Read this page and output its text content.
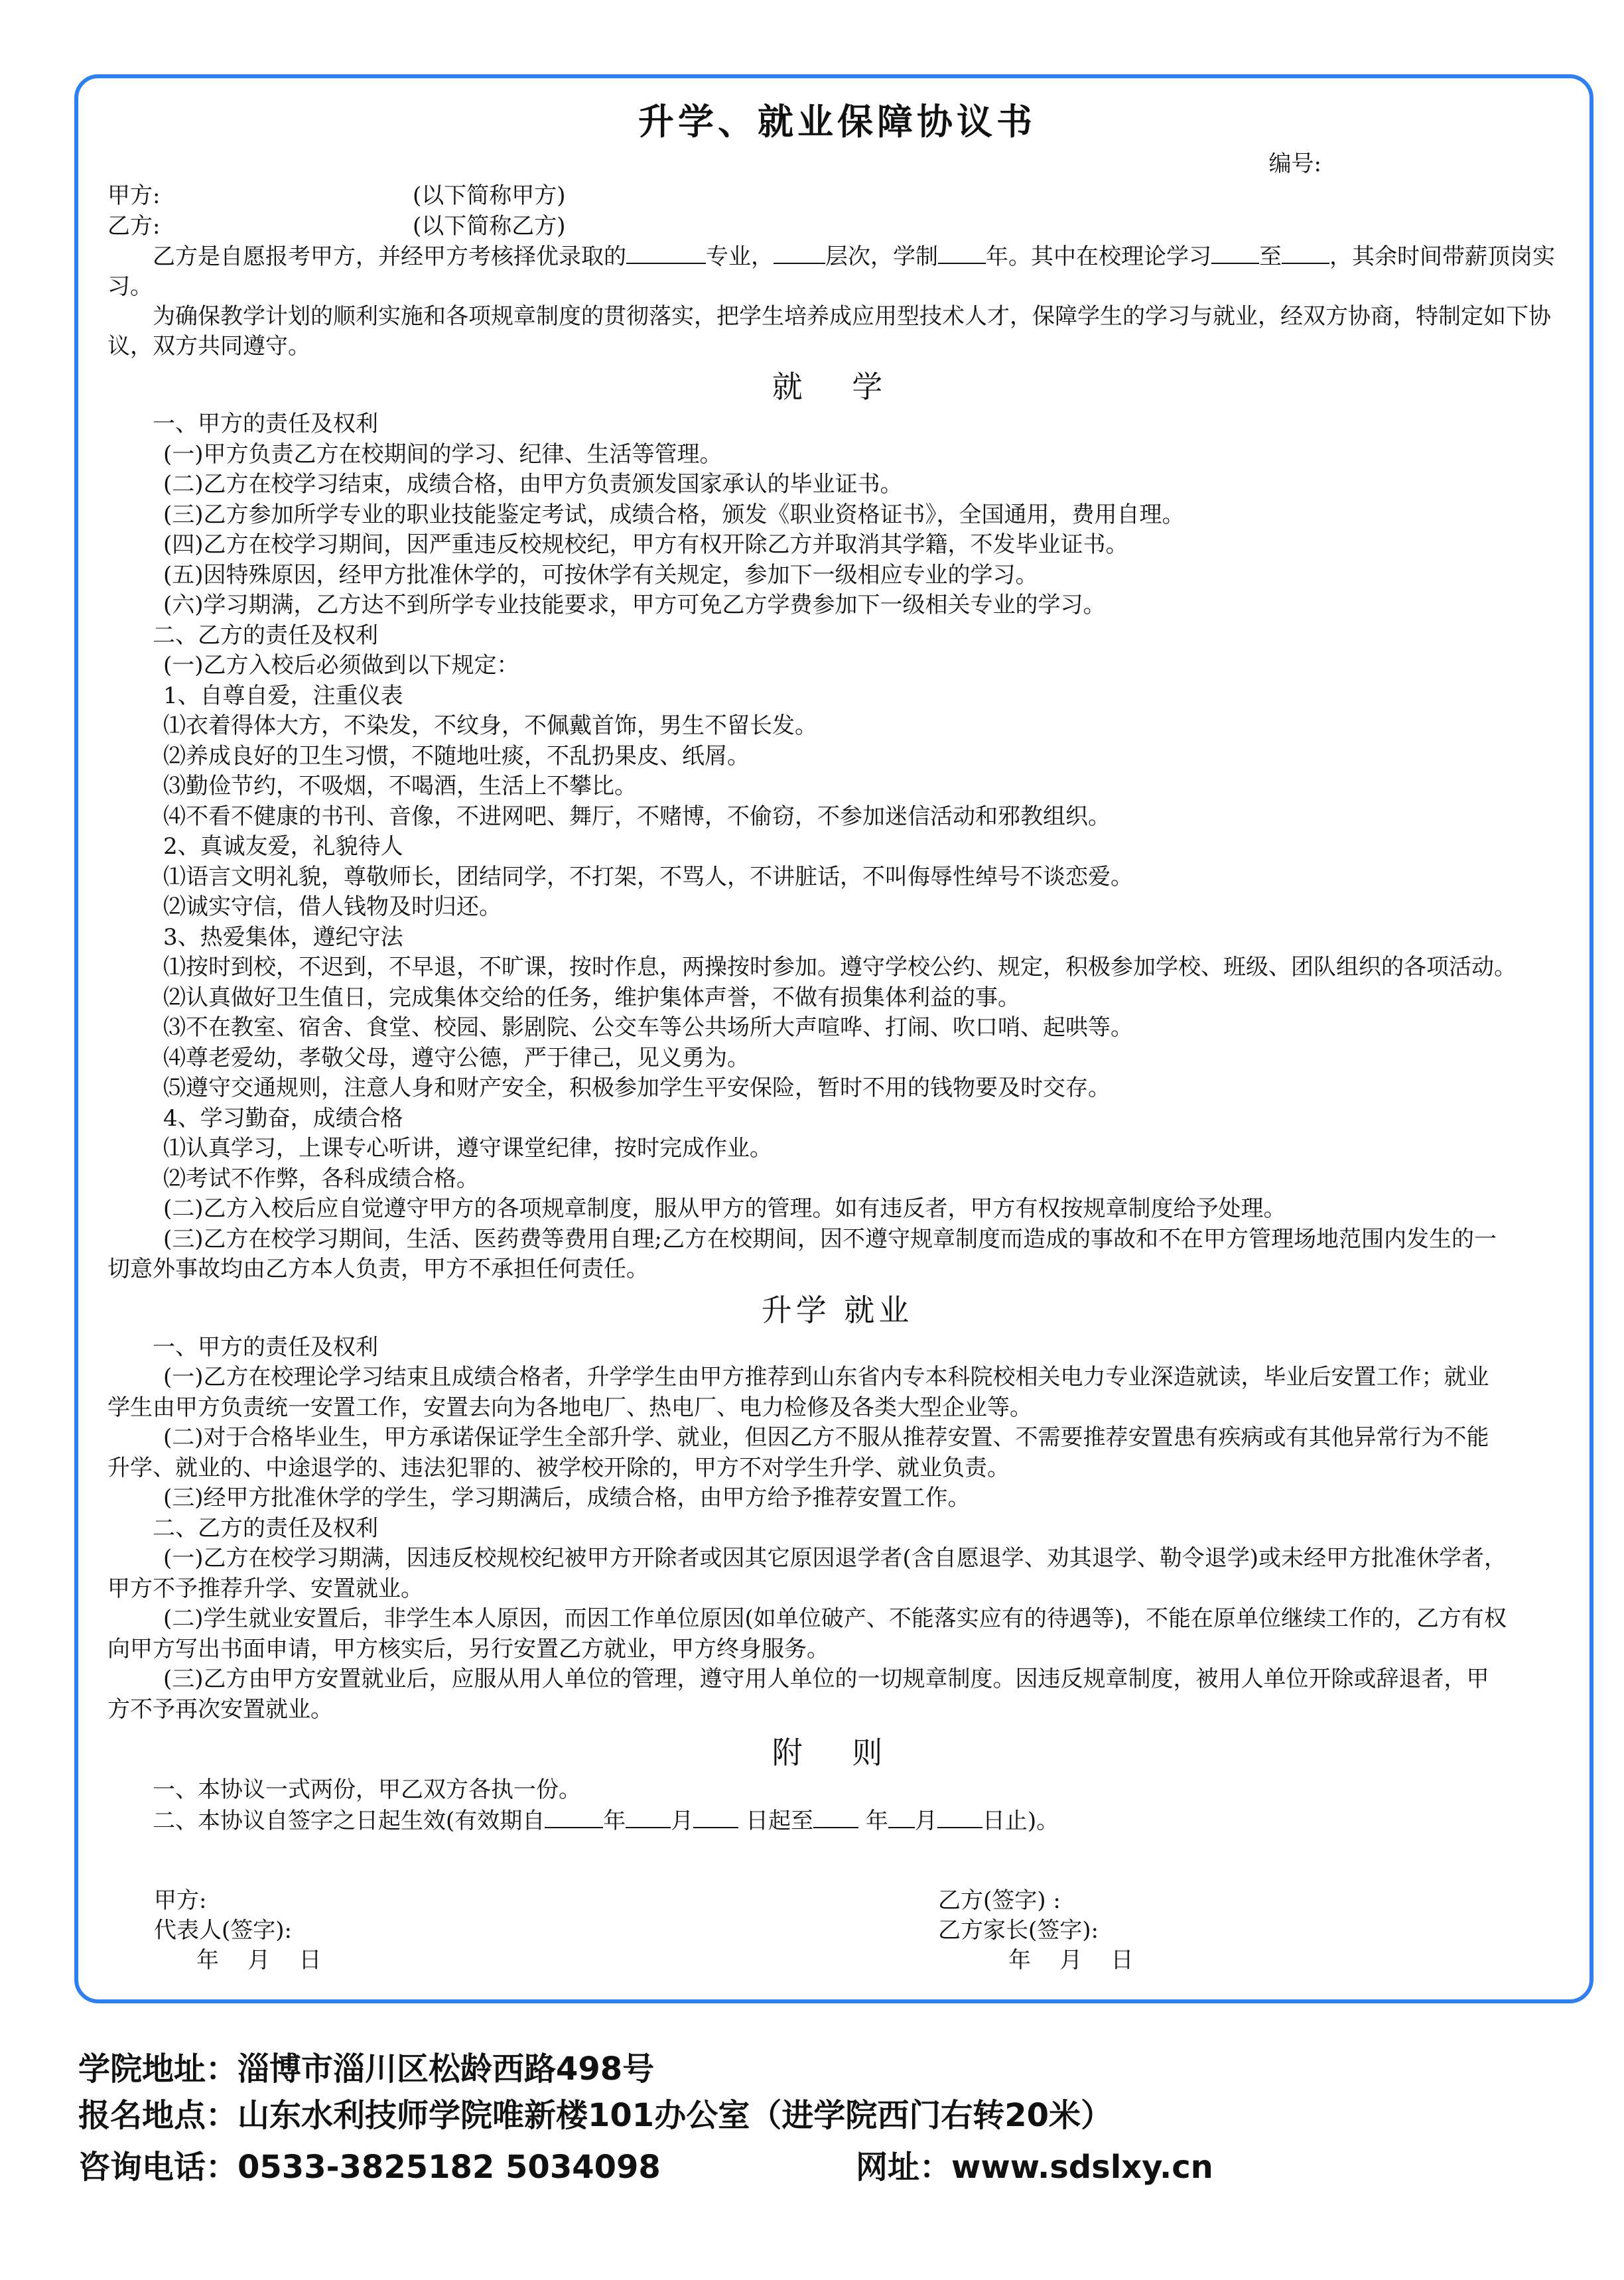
升学、就业保障协议书
编号:
甲方:	(以下简称甲方)
乙方:	(以下简称乙方)

乙方是自愿报考甲方，并经甲方考核择优录取的	专业， 层次，学制 年。其中在校理论学习 至 ，其余时间带薪顶岗实习。

为确保教学计划的顺利实施和各项规章制度的贯彻落实，把学生培养成应用型技术人才，保障学生的学习与就业，经双方协商，特制定如下协议，双方共同遵守。

就 学
一、甲方的责任及权利
(一)甲方负责乙方在校期间的学习、纪律、生活等管理。
(二)乙方在校学习结束，成绩合格，由甲方负责颁发国家承认的毕业证书。
(三)乙方参加所学专业的职业技能鉴定考试，成绩合格，颁发《职业资格证书》，全国通用，费用自理。
(四)乙方在校学习期间，因严重违反校规校纪，甲方有权开除乙方并取消其学籍，不发毕业证书。
(五)因特殊原因，经甲方批准休学的，可按休学有关规定，参加下一级相应专业的学习。
(六)学习期满，乙方达不到所学专业技能要求，甲方可免乙方学费参加下一级相关专业的学习。
二、乙方的责任及权利
(一)乙方入校后必须做到以下规定：
1、自尊自爱，注重仪表
⑴衣着得体大方，不染发，不纹身，不佩戴首饰，男生不留长发。
⑵养成良好的卫生习惯，不随地吐痰，不乱扔果皮、纸屑。
⑶勤俭节约，不吸烟，不喝酒，生活上不攀比。
⑷不看不健康的书刊、音像，不进网吧、舞厅，不赌博，不偷窃，不参加迷信活动和邪教组织。
2、真诚友爱，礼貌待人
⑴语言文明礼貌，尊敬师长，团结同学，不打架，不骂人，不讲脏话，不叫侮辱性绰号不谈恋爱。
⑵诚实守信，借人钱物及时归还。
3、热爱集体，遵纪守法
⑴按时到校，不迟到，不早退，不旷课，按时作息，两操按时参加。遵守学校公约、规定，积极参加学校、班级、团队组织的各项活动。
⑵认真做好卫生值日，完成集体交给的任务，维护集体声誉，不做有损集体利益的事。
⑶不在教室、宿舍、食堂、校园、影剧院、公交车等公共场所大声喧哗、打闹、吹口哨、起哄等。
⑷尊老爱幼，孝敬父母，遵守公德，严于律己，见义勇为。
⑸遵守交通规则，注意人身和财产安全，积极参加学生平安保险，暂时不用的钱物要及时交存。
4、学习勤奋，成绩合格
⑴认真学习，上课专心听讲，遵守课堂纪律，按时完成作业。
⑵考试不作弊，各科成绩合格。
(二)乙方入校后应自觉遵守甲方的各项规章制度，服从甲方的管理。如有违反者，甲方有权按规章制度给予处理。
(三)乙方在校学习期间，生活、医药费等费用自理;乙方在校期间，因不遵守规章制度而造成的事故和不在甲方管理场地范围内发生的一切意外事故均由乙方本人负责，甲方不承担任何责任。
升学 就业
一、甲方的责任及权利
(一)乙方在校理论学习结束且成绩合格者，升学学生由甲方推荐到山东省内专本科院校相关电力专业深造就读，毕业后安置工作；就业学生由甲方负责统一安置工作，安置去向为各地电厂、热电厂、电力检修及各类大型企业等。
(二)对于合格毕业生，甲方承诺保证学生全部升学、就业，但因乙方不服从推荐安置、不需要推荐安置患有疾病或有其他异常行为不能升学、就业的、中途退学的、违法犯罪的、被学校开除的，甲方不对学生升学、就业负责。
(三)经甲方批准休学的学生，学习期满后，成绩合格，由甲方给予推荐安置工作。
二、乙方的责任及权利
(一)乙方在校学习期满，因违反校规校纪被甲方开除者或因其它原因退学者(含自愿退学、劝其退学、勒令退学)或未经甲方批准休学者，甲方不予推荐升学、安置就业。
(二)学生就业安置后，非学生本人原因，而因工作单位原因(如单位破产、不能落实应有的待遇等)，不能在原单位继续工作的，乙方有权向甲方写出书面申请，甲方核实后，另行安置乙方就业，甲方终身服务。
(三)乙方由甲方安置就业后，应服从用人单位的管理，遵守用人单位的一切规章制度。因违反规章制度，被用人单位开除或辞退者，甲方不予再次安置就业。
附 则
一、本协议一式两份，甲乙双方各执一份。
二、本协议自签字之日起生效(有效期自	年 月 日起至 年 月 日止)。
甲方:
代表人(签字):
年    月    日
乙方(签字) :
乙方家长(签字):
年    月    日
学院地址：淄博市淄川区松龄西路498号
报名地点：山东水利技师学院唯新楼101办公室（进学院西门右转20米）
咨询电话：0533-3825182 5034098	网址：www.sdslxy.cn
